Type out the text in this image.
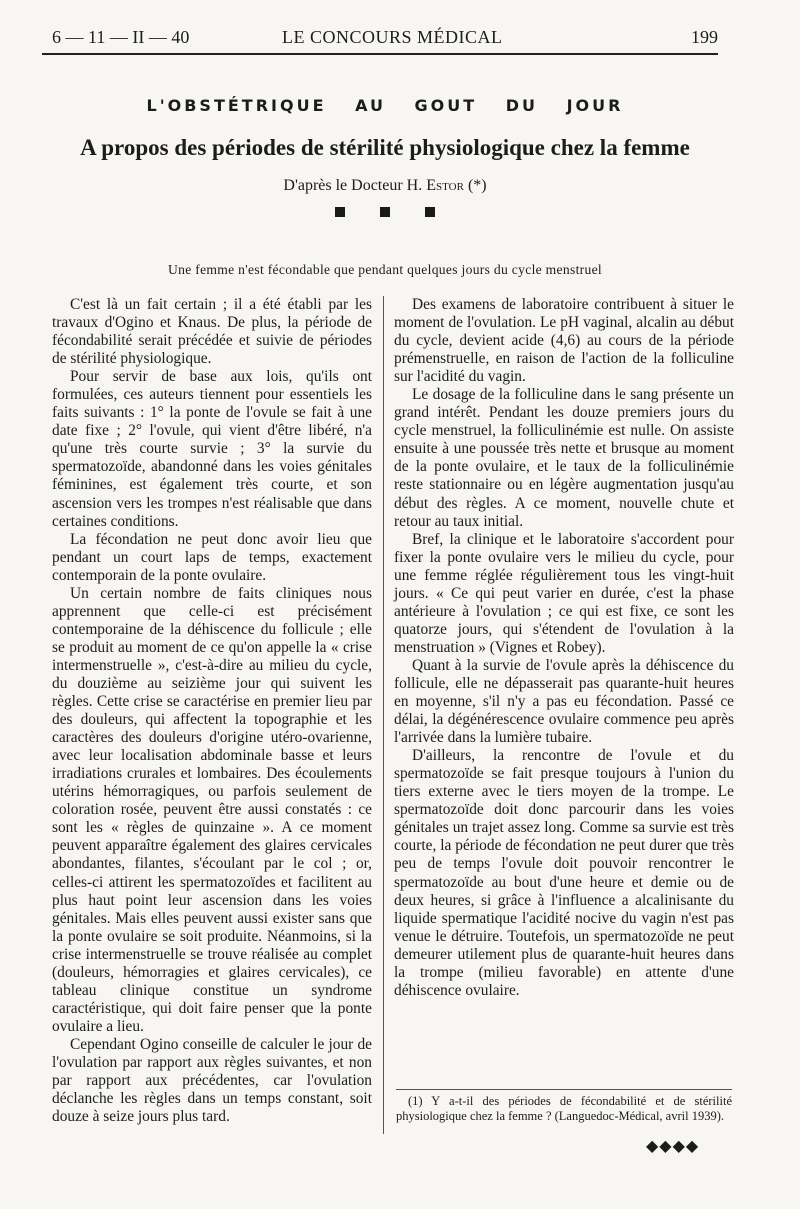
6 — 11 — II — 40	LE CONCOURS MÉDICAL	199
L'OBSTÉTRIQUE AU GOUT DU JOUR
A propos des périodes de stérilité physiologique chez la femme
D'après le Docteur H. Estor (*)
Une femme n'est fécondable que pendant quelques jours du cycle menstruel

C'est là un fait certain ; il a été établi par les travaux d'Ogino et Knaus. De plus, la période de fécondabilité serait précédée et suivie de périodes de stérilité physiologique.

Pour servir de base aux lois, qu'ils ont formulées, ces auteurs tiennent pour essentiels les faits suivants : 1° la ponte de l'ovule se fait à une date fixe ; 2° l'ovule, qui vient d'être libéré, n'a qu'une très courte survie ; 3° la survie du spermatozoïde, abandonné dans les voies génitales féminines, est également très courte, et son ascension vers les trompes n'est réalisable que dans certaines conditions.

La fécondation ne peut donc avoir lieu que pendant un court laps de temps, exactement contemporain de la ponte ovulaire.

Un certain nombre de faits cliniques nous apprennent que celle-ci est précisément contemporaine de la déhiscence du follicule ; elle se produit au moment de ce qu'on appelle la « crise intermenstruelle », c'est-à-dire au milieu du cycle, du douzième au seizième jour qui suivent les règles. Cette crise se caractérise en premier lieu par des douleurs, qui affectent la topographie et les caractères des douleurs d'origine utéro-ovarienne, avec leur localisation abdominale basse et leurs irradiations crurales et lombaires. Des écoulements utérins hémorragiques, ou parfois seulement de coloration rosée, peuvent être aussi constatés : ce sont les « règles de quinzaine ». A ce moment peuvent apparaître également des glaires cervicales abondantes, filantes, s'écoulant par le col ; or, celles-ci attirent les spermatozoïdes et facilitent au plus haut point leur ascension dans les voies génitales. Mais elles peuvent aussi exister sans que la ponte ovulaire se soit produite. Néanmoins, si la crise intermenstruelle se trouve réalisée au complet (douleurs, hémorragies et glaires cervicales), ce tableau clinique constitue un syndrome caractéristique, qui doit faire penser que la ponte ovulaire a lieu.

Cependant Ogino conseille de calculer le jour de l'ovulation par rapport aux règles suivantes, et non par rapport aux précédentes, car l'ovulation déclanche les règles dans un temps constant, soit douze à seize jours plus tard.

Des examens de laboratoire contribuent à situer le moment de l'ovulation. Le pH vaginal, alcalin au début du cycle, devient acide (4,6) au cours de la période prémenstruelle, en raison de l'action de la folliculine sur l'acidité du vagin.

Le dosage de la folliculine dans le sang présente un grand intérêt. Pendant les douze premiers jours du cycle menstruel, la folliculinémie est nulle. On assiste ensuite à une poussée très nette et brusque au moment de la ponte ovulaire, et le taux de la folliculinémie reste stationnaire ou en légère augmentation jusqu'au début des règles. A ce moment, nouvelle chute et retour au taux initial.

Bref, la clinique et le laboratoire s'accordent pour fixer la ponte ovulaire vers le milieu du cycle, pour une femme réglée régulièrement tous les vingt-huit jours. « Ce qui peut varier en durée, c'est la phase antérieure à l'ovulation ; ce qui est fixe, ce sont les quatorze jours, qui s'étendent de l'ovulation à la menstruation » (Vignes et Robey).

Quant à la survie de l'ovule après la déhiscence du follicule, elle ne dépasserait pas quarante-huit heures en moyenne, s'il n'y a pas eu fécondation. Passé ce délai, la dégénérescence ovulaire commence peu après l'arrivée dans la lumière tubaire.

D'ailleurs, la rencontre de l'ovule et du spermatozoïde se fait presque toujours à l'union du tiers externe avec le tiers moyen de la trompe. Le spermatozoïde doit donc parcourir dans les voies génitales un trajet assez long. Comme sa survie est très courte, la période de fécondation ne peut durer que très peu de temps l'ovule doit pouvoir rencontrer le spermatozoïde au bout d'une heure et demie ou de deux heures, si grâce à l'influence a alcalinisante du liquide spermatique l'acidité nocive du vagin n'est pas venue le détruire. Toutefois, un spermatozoïde ne peut demeurer utilement plus de quarante-huit heures dans la trompe (milieu favorable) en attente d'une déhiscence ovulaire.

(1) Y a-t-il des périodes de fécondabilité et de stérilité physiologique chez la femme ? (Languedoc-Médical, avril 1939).
◆◆◆◆
